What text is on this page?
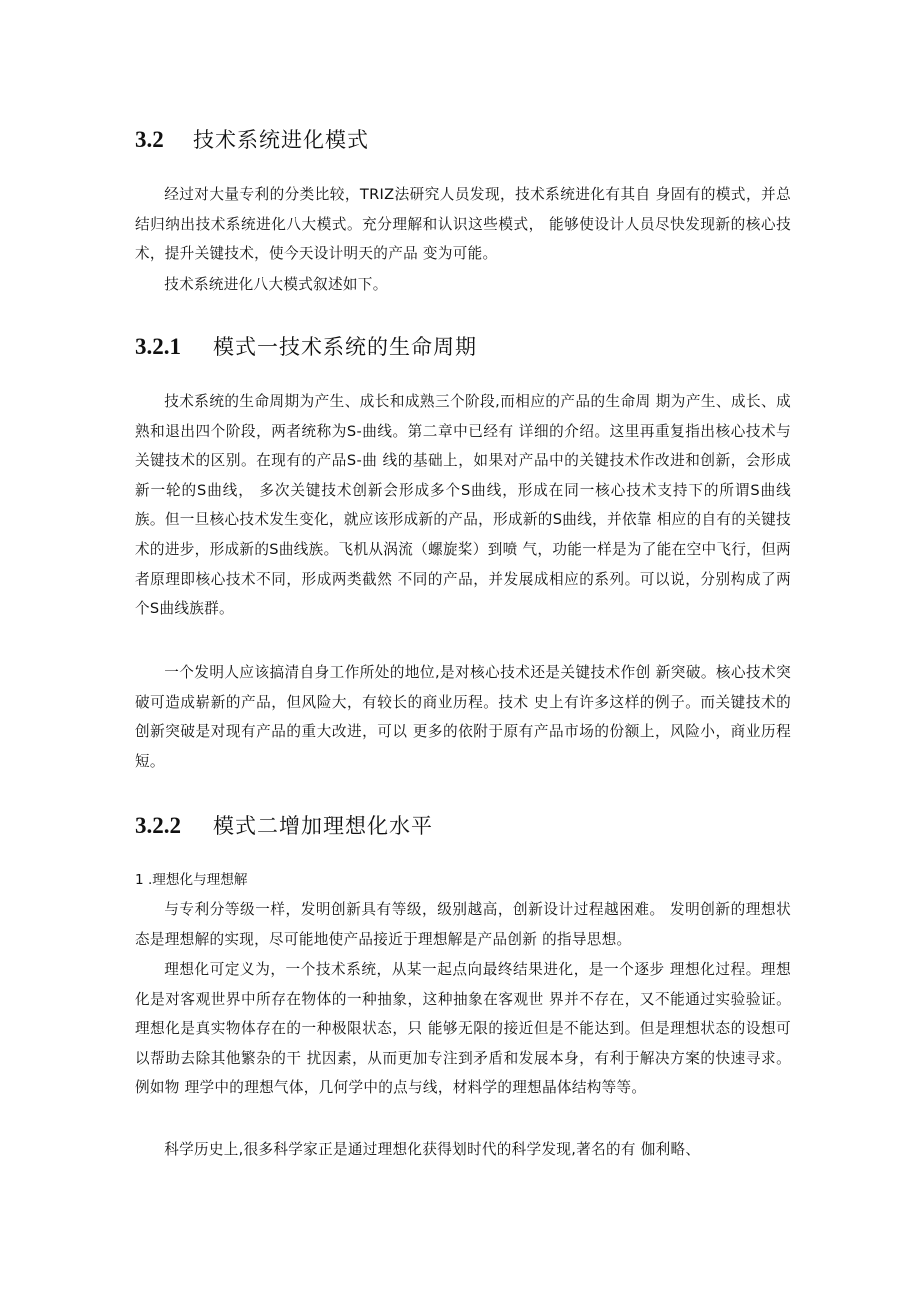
3.2 技术系统进化模式

经过对大量专利的分类比较，TRIZ法研究人员发现，技术系统进化有其自 身固有的模式，并总结归纳出技术系统进化八大模式。充分理解和认识这些模式， 能够使设计人员尽快发现新的核心技术，提升关键技术，使今天设计明天的产品 变为可能。

技术系统进化八大模式叙述如下。

3.2.1 模式一技术系统的生命周期

技术系统的生命周期为产生、成长和成熟三个阶段,而相应的产品的生命周 期为产生、成长、成熟和退出四个阶段，两者统称为S-曲线。第二章中已经有 详细的介绍。这里再重复指出核心技术与关键技术的区别。在现有的产品S-曲 线的基础上，如果对产品中的关键技术作改进和创新，会形成新一轮的S曲线， 多次关键技术创新会形成多个S曲线，形成在同一核心技术支持下的所谓S曲线 族。但一旦核心技术发生变化，就应该形成新的产品，形成新的S曲线，并依靠 相应的自有的关键技术的进步，形成新的S曲线族。飞机从涡流（螺旋桨）到喷 气，功能一样是为了能在空中飞行，但两者原理即核心技术不同，形成两类截然 不同的产品，并发展成相应的系列。可以说，分别构成了两个S曲线族群。

一个发明人应该搞清自身工作所处的地位,是对核心技术还是关键技术作创 新突破。核心技术突破可造成崭新的产品，但风险大，有较长的商业历程。技术 史上有许多这样的例子。而关键技术的创新突破是对现有产品的重大改进，可以 更多的依附于原有产品市场的份额上，风险小，商业历程短。

3.2.2 模式二增加理想化水平

1 .理想化与理想解

与专利分等级一样，发明创新具有等级，级别越高，创新设计过程越困难。 发明创新的理想状态是理想解的实现，尽可能地使产品接近于理想解是产品创新 的指导思想。

理想化可定义为，一个技术系统，从某一起点向最终结果进化，是一个逐步 理想化过程。理想化是对客观世界中所存在物体的一种抽象，这种抽象在客观世 界并不存在，又不能通过实验验证。理想化是真实物体存在的一种极限状态，只 能够无限的接近但是不能达到。但是理想状态的设想可以帮助去除其他繁杂的干 扰因素，从而更加专注到矛盾和发展本身，有利于解决方案的快速寻求。例如物 理学中的理想气体，几何学中的点与线，材料学的理想晶体结构等等。

科学历史上,很多科学家正是通过理想化获得划时代的科学发现,著名的有 伽利略、
